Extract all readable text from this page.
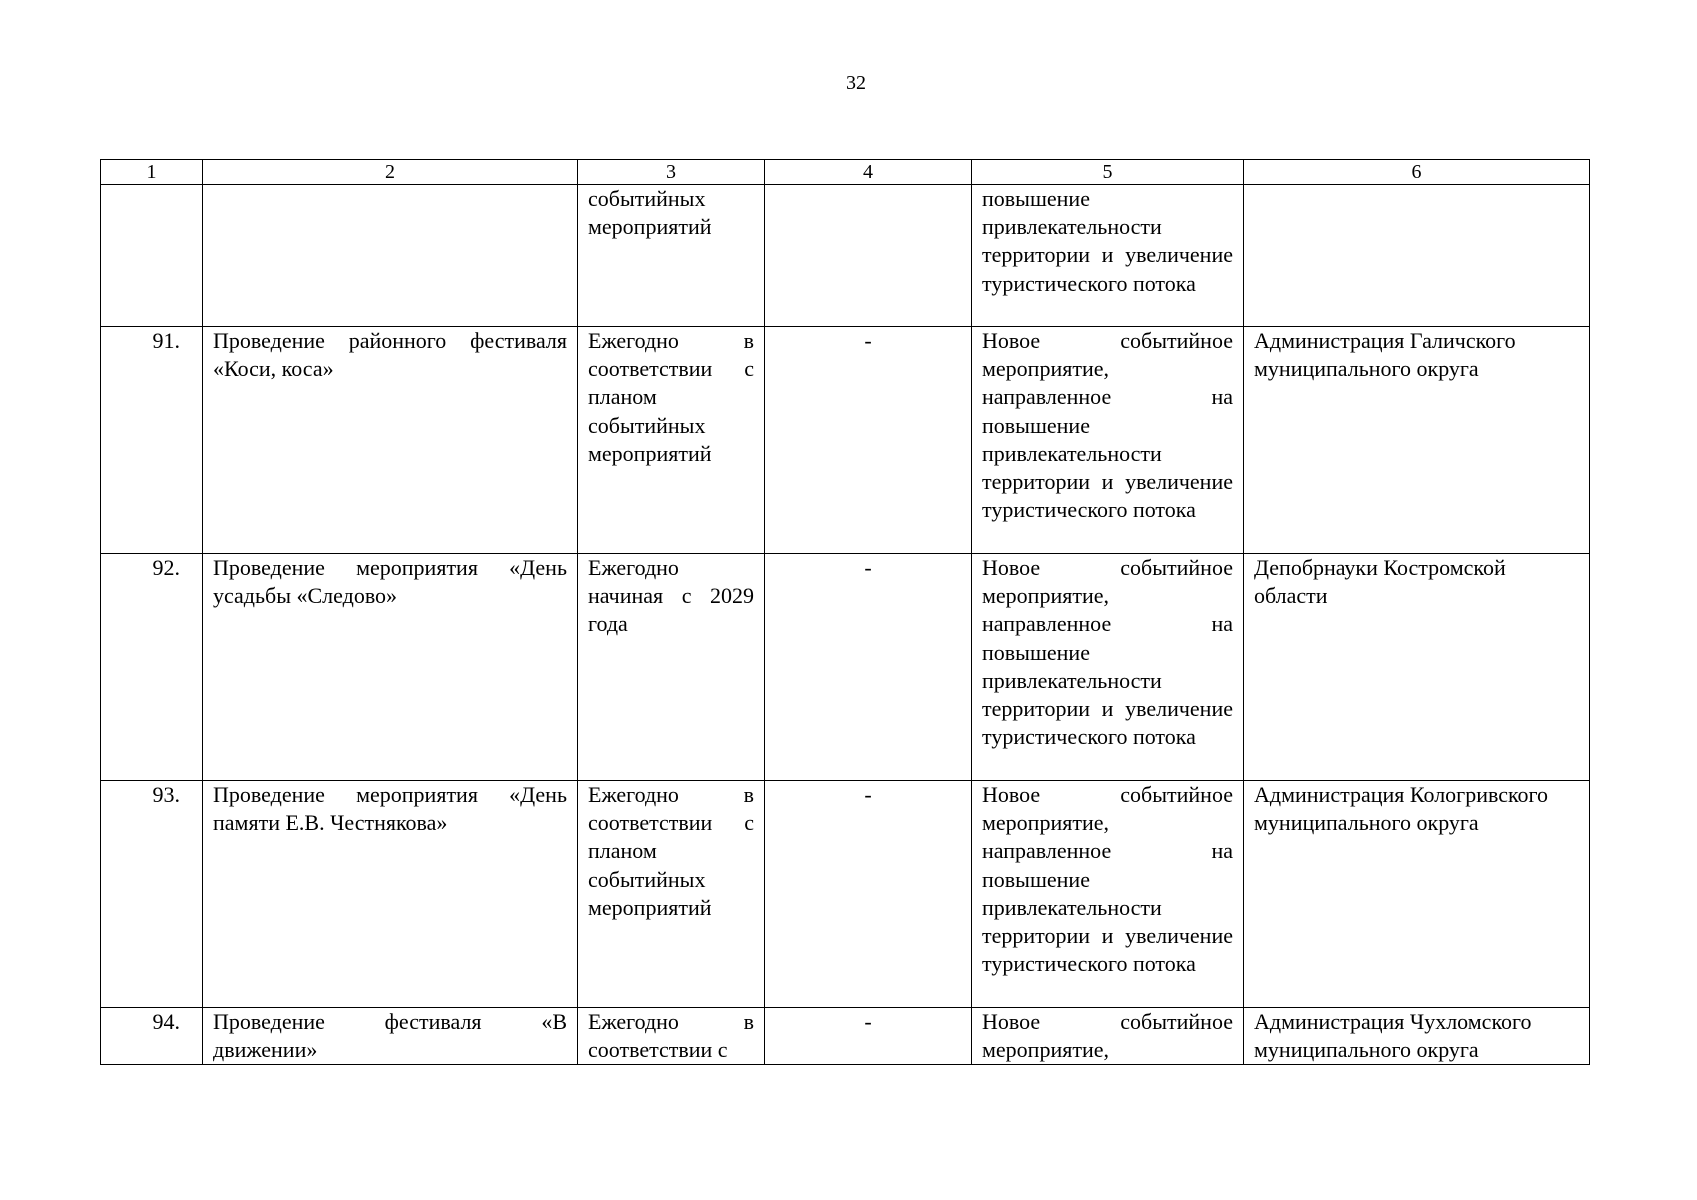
32
1	2	3	4	5	6
		событийных мероприятий		повышение привлекательности территории и увеличение туристического потока	
91.	Проведение районного фестиваля «Коси, коса»	Ежегодно в соответствии с планом событийных мероприятий	-	Новое событийное мероприятие, направленное на повышение привлекательности территории и увеличение туристического потока	Администрация Галичского муниципального округа
92.	Проведение мероприятия «День усадьбы «Следово»	Ежегодно начиная с 2029 года	-	Новое событийное мероприятие, направленное на повышение привлекательности территории и увеличение туристического потока	Депобрнауки Костромской области
93.	Проведение мероприятия «День памяти Е.В. Честнякова»	Ежегодно в соответствии с планом событийных мероприятий	-	Новое событийное мероприятие, направленное на повышение привлекательности территории и увеличение туристического потока	Администрация Кологривского муниципального округа
94.	Проведение фестиваля «В движении»	Ежегодно в соответствии с	-	Новое событийное мероприятие,	Администрация Чухломского муниципального округа
